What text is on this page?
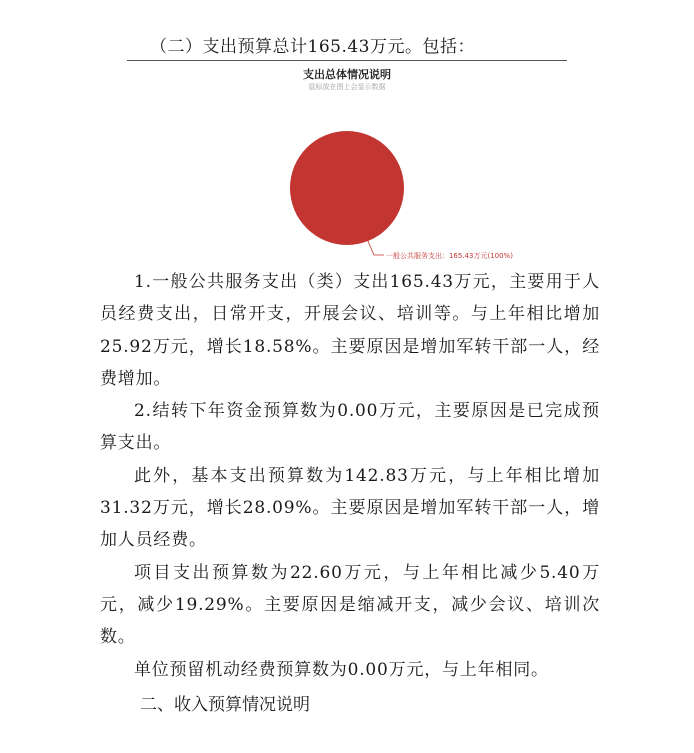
（二）支出预算总计165.43万元。包括：
支出总体情况说明
鼠标放在图上会显示数据
一般公共服务支出：165.43万元(100%)

1.一般公共服务支出（类）支出165.43万元，主要用于人员经费支出，日常开支，开展会议、培训等。与上年相比增加25.92万元，增长18.58%。主要原因是增加军转干部一人，经费增加。

2.结转下年资金预算数为0.00万元，主要原因是已完成预算支出。

此外，基本支出预算数为142.83万元，与上年相比增加31.32万元，增长28.09%。主要原因是增加军转干部一人，增加人员经费。

项目支出预算数为22.60万元，与上年相比减少5.40万元，减少19.29%。主要原因是缩减开支，减少会议、培训次数。

单位预留机动经费预算数为0.00万元，与上年相同。

二、收入预算情况说明
